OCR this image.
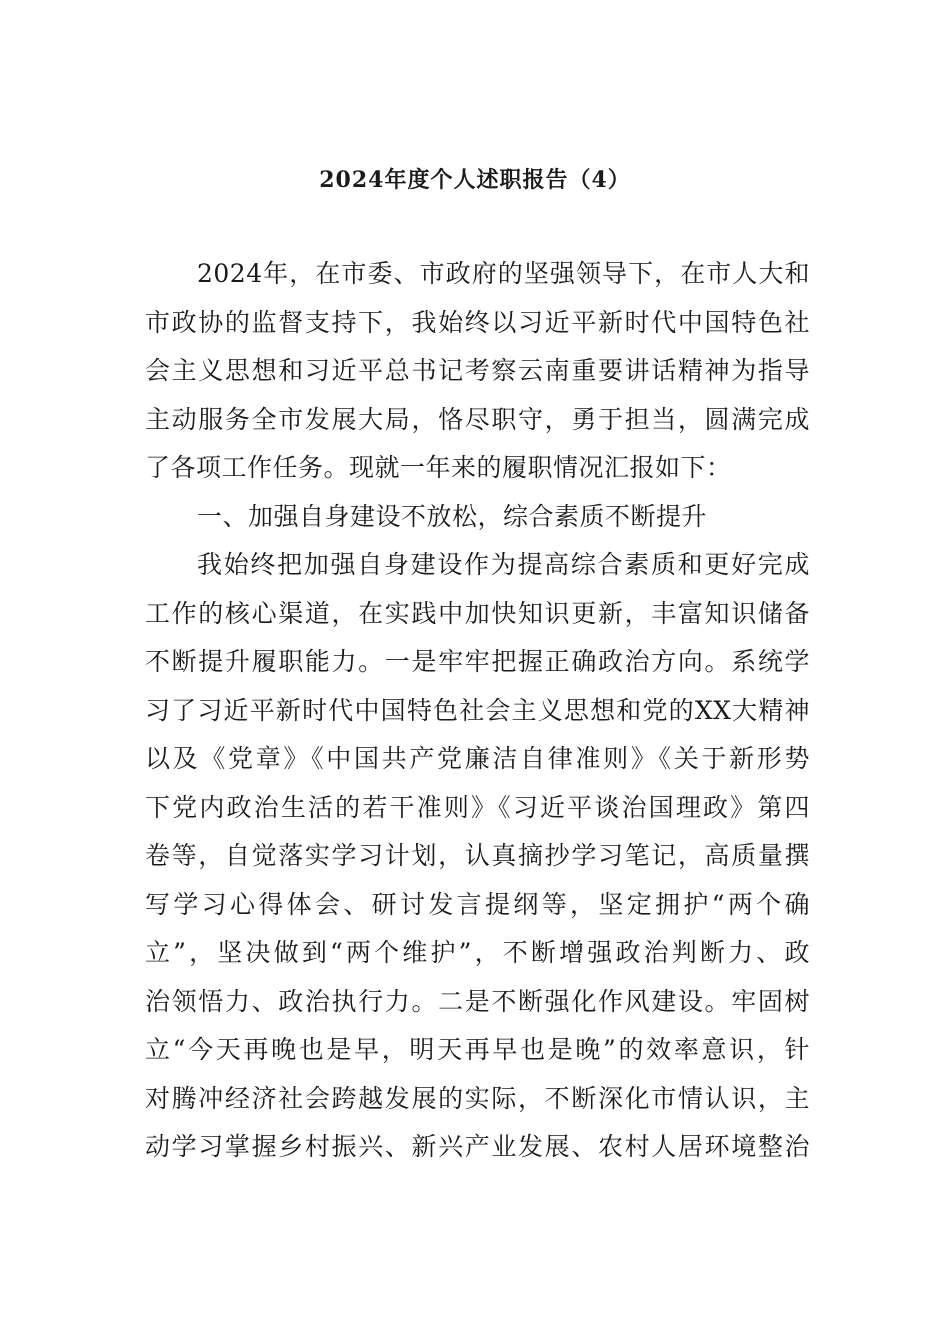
2024年度个人述职报告（4）
2024年，在市委、市政府的坚强领导下，在市人大和
市政协的监督支持下，我始终以习近平新时代中国特色社
会主义思想和习近平总书记考察云南重要讲话精神为指导
主动服务全市发展大局，恪尽职守，勇于担当，圆满完成
了各项工作任务。现就一年来的履职情况汇报如下：
一、加强自身建设不放松，综合素质不断提升
我始终把加强自身建设作为提高综合素质和更好完成
工作的核心渠道，在实践中加快知识更新，丰富知识储备
不断提升履职能力。一是牢牢把握正确政治方向。系统学
习了习近平新时代中国特色社会主义思想和党的XX大精神
以及《党章》《中国共产党廉洁自律准则》《关于新形势
下党内政治生活的若干准则》《习近平谈治国理政》第四
卷等，自觉落实学习计划，认真摘抄学习笔记，高质量撰
写学习心得体会、研讨发言提纲等，坚定拥护“两个确
立”，坚决做到“两个维护”，不断增强政治判断力、政
治领悟力、政治执行力。二是不断强化作风建设。牢固树
立“今天再晚也是早，明天再早也是晚”的效率意识，针
对腾冲经济社会跨越发展的实际，不断深化市情认识，主
动学习掌握乡村振兴、新兴产业发展、农村人居环境整治
